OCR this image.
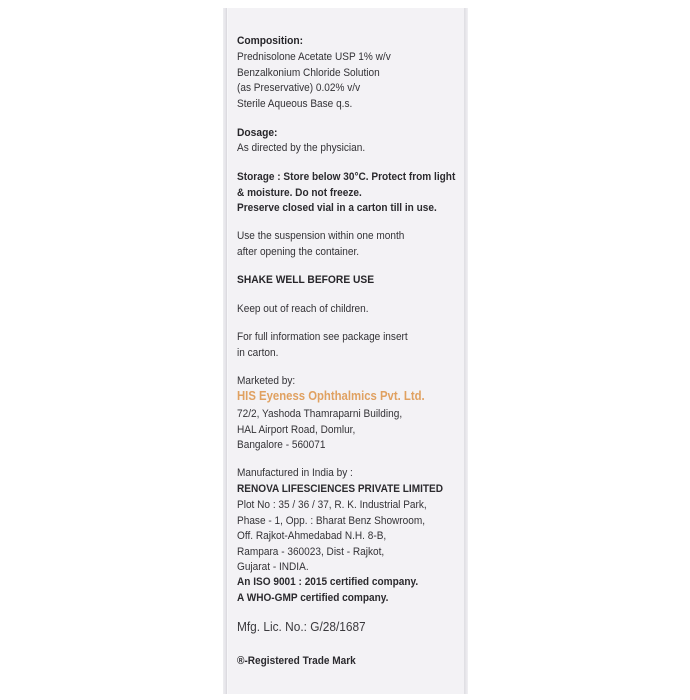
Composition:
Prednisolone Acetate USP 1% w/v
Benzalkonium Chloride Solution
(as Preservative) 0.02% v/v
Sterile Aqueous Base q.s.
Dosage:
As directed by the physician.
Storage : Store below 30°C. Protect from light
& moisture. Do not freeze.
Preserve closed vial in a carton till in use.
Use the suspension within one month
after opening the container.
SHAKE WELL BEFORE USE
Keep out of reach of children.
For full information see package insert
in carton.
Marketed by:
HIS Eyeness Ophthalmics Pvt. Ltd.
72/2, Yashoda Thamraparni Building,
HAL Airport Road, Domlur,
Bangalore - 560071
Manufactured in India by :
RENOVA LIFESCIENCES PRIVATE LIMITED
Plot No : 35 / 36 / 37, R. K. Industrial Park,
Phase - 1, Opp. : Bharat Benz Showroom,
Off. Rajkot-Ahmedabad N.H. 8-B,
Rampara - 360023, Dist - Rajkot,
Gujarat - INDIA.
An ISO 9001 : 2015 certified company.
A WHO-GMP certified company.
Mfg. Lic. No.: G/28/1687
®-Registered Trade Mark
